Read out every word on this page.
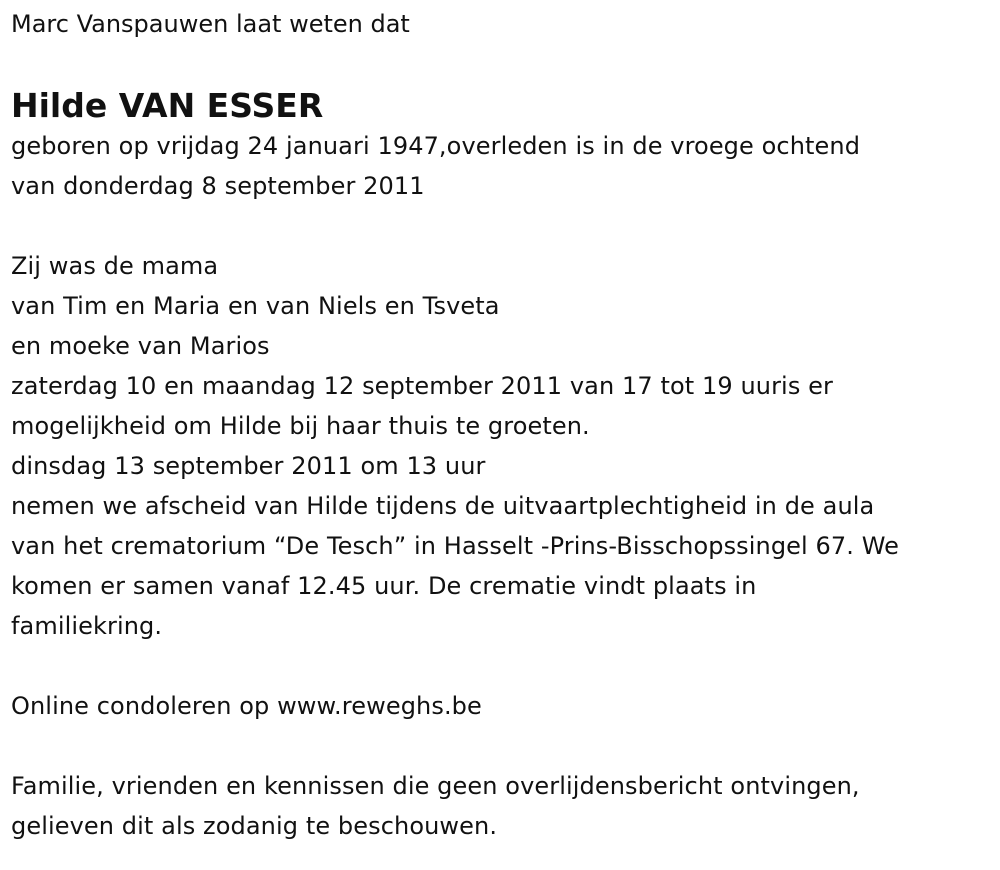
Marc Vanspauwen laat weten dat
Hilde VAN ESSER
geboren op vrijdag 24 januari 1947,overleden is in de vroege ochtend
van donderdag 8 september 2011
Zij was de mama
van Tim en Maria en van Niels en Tsveta
en moeke van Marios
zaterdag 10 en maandag 12 september 2011 van 17 tot 19 uuris er
mogelijkheid om Hilde bij haar thuis te groeten.
dinsdag 13 september 2011 om 13 uur
nemen we afscheid van Hilde tijdens de uitvaartplechtigheid in de aula
van het crematorium “De Tesch” in Hasselt -Prins-Bisschopssingel 67. We
komen er samen vanaf 12.45 uur. De crematie vindt plaats in
familiekring.
Online condoleren op www.reweghs.be
Familie, vrienden en kennissen die geen overlijdensbericht ontvingen,
gelieven dit als zodanig te beschouwen.
